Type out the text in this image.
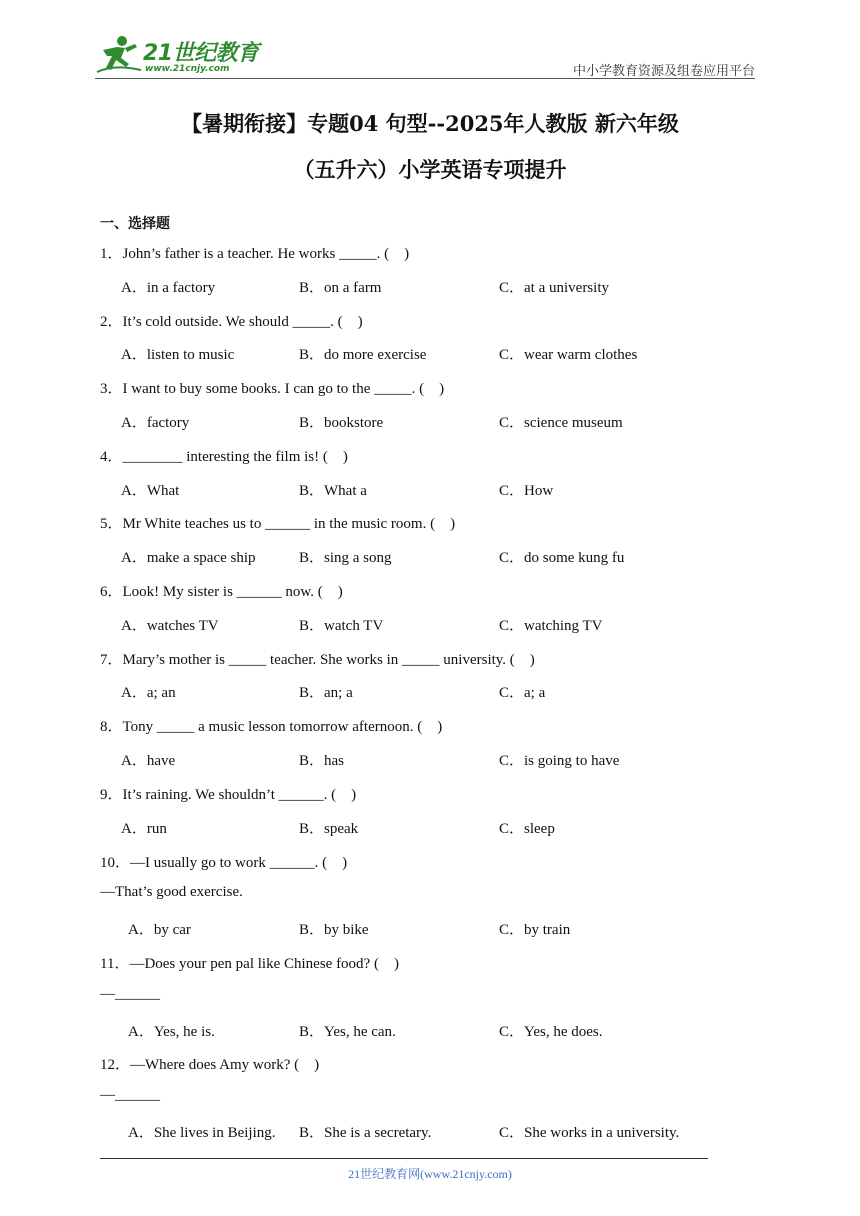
21世纪教育
www.21cnjy.com	中小学教育资源及组卷应用平台
【暑期衔接】专题04 句型--2025年人教版 新六年级
（五升六）小学英语专项提升
一、选择题
1．John’s father is a teacher. He works _____. (　)
A．in a factory	B．on a farm	C．at a university
2．It’s cold outside. We should _____. (　)
A．listen to music	B．do more exercise	C．wear warm clothes
3．I want to buy some books. I can go to the _____. (　)
A．factory	B．bookstore	C．science museum
4．________ interesting the film is! (　)
A．What	B．What a	C．How
5．Mr White teaches us to ______ in the music room. (　)
A．make a space ship	B．sing a song	C．do some kung fu
6．Look! My sister is ______ now. (　)
A．watches TV	B．watch TV	C．watching TV
7．Mary’s mother is _____ teacher. She works in _____ university. (　)
A．a; an	B．an; a	C．a; a
8．Tony _____ a music lesson tomorrow afternoon. (　)
A．have	B．has	C．is going to have
9．It’s raining. We shouldn’t ______. (　)
A．run	B．speak	C．sleep
10．—I usually go to work ______. (　)
—That’s good exercise.
A．by car	B．by bike	C．by train
11．—Does your pen pal like Chinese food? (　)
—______
A．Yes, he is.	B．Yes, he can.	C．Yes, he does.
12．—Where does Amy work? (　)
—______
A．She lives in Beijing. B．She is a secretary.	C．She works in a university.
21世纪教育网(www.21cnjy.com)
